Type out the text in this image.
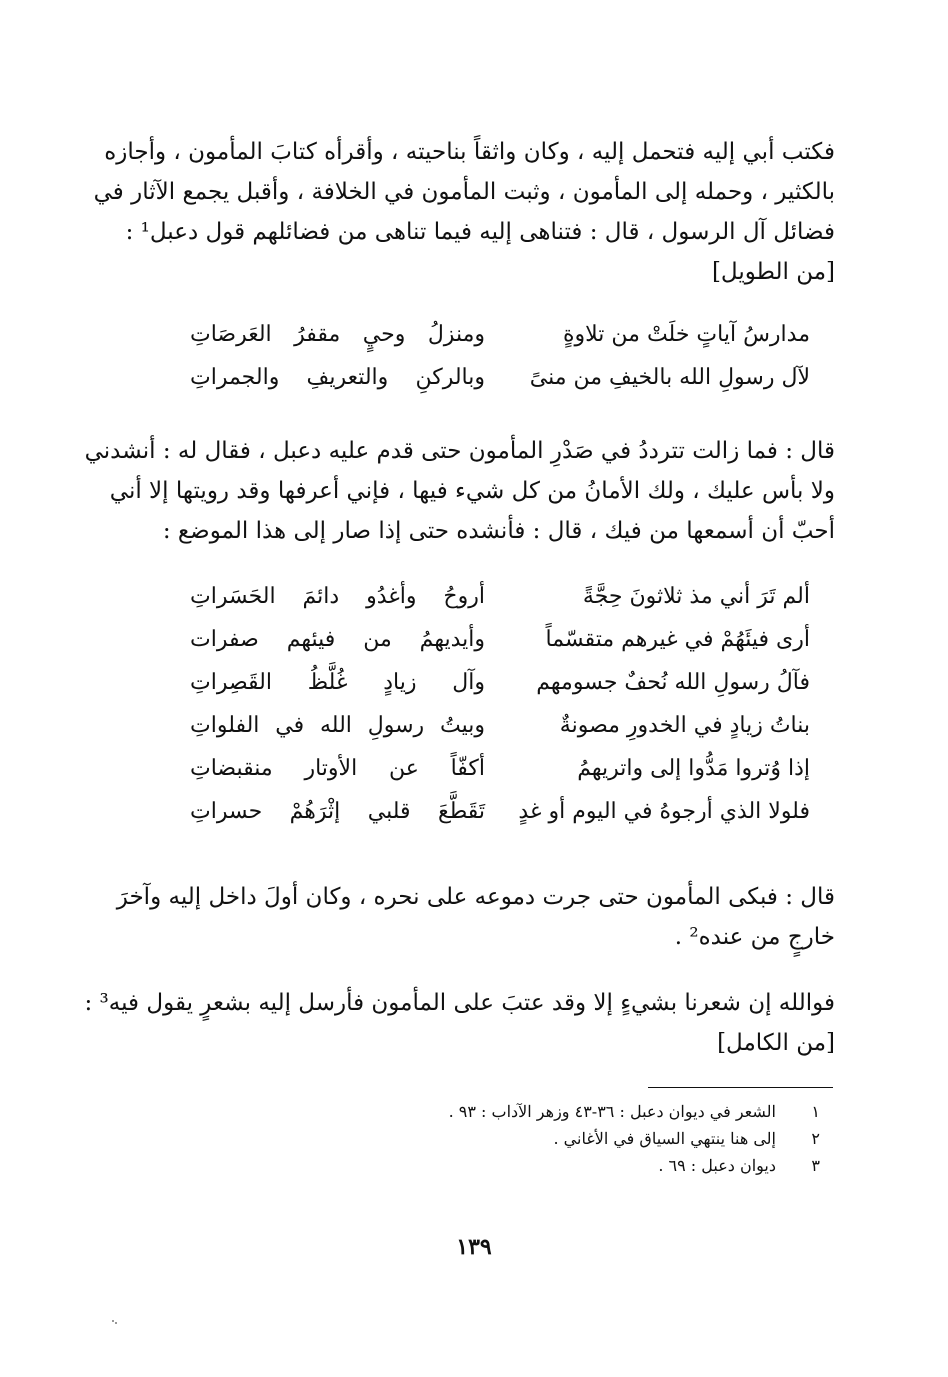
فكتب أبي إليه فتحمل إليه ، وكان واثقاً بناحيته ، وأقرأه كتابَ المأمون ، وأجازه
بالكثير ، وحمله إلى المأمون ، وثبت المأمون في الخلافة ، وأقبل يجمع الآثار في
فضائل آل الرسول ، قال : فتناهى إليه فيما تناهى من فضائلهم قول دعبل¹ :
[من الطويل]
مدارسُ آياتٍ خلَتْ من تلاوةٍ
ومنزلُ وحيٍ مقفرُ العَرصَاتِ
لآل رسولِ الله بالخيفِ من منىً
وبالركنِ والتعريفِ والجمراتِ
قال : فما زالت تترددُ في صَدْرِ المأمون حتى قدم عليه دعبل ، فقال له : أنشدني
ولا بأس عليك ، ولك الأمانُ من كل شيء فيها ، فإني أعرفها وقد رويتها إلا أني
أحبّ أن أسمعها من فيك ، قال : فأنشده حتى إذا صار إلى هذا الموضع :
ألم تَرَ أني مذ ثلاثونَ حِجَّةً
أروحُ وأغدُو دائمَ الحَسَراتِ
أرى فيئَهُمْ في غيرهم متقسّماً
وأيديهمُ من فيئهم صفرات
فآلُ رسولِ الله نُحفٌ جسومهم
وآل زيادٍ غُلَّظُ القَصِراتِ
بناتُ زيادٍ في الخدورِ مصونةٌ
وبيتُ رسولِ الله في الفلواتِ
إذا وُتروا مَدُّوا إلى واتريهمُ
أكفّاً عن الأوتار منقبضاتِ
فلولا الذي أرجوهُ في اليوم أو غدٍ
تَقَطَّعَ قلبي إثْرَهُمْ حسراتِ
قال : فبكى المأمون حتى جرت دموعه على نحره ، وكان أولَ داخل إليه وآخرَ
خارجٍ من عنده² .
فوالله إن شعرنا بشيءٍ إلا وقد عتبَ على المأمون فأرسل إليه بشعرٍ يقول فيه³ :
[من الكامل]
١
الشعر في ديوان دعبل : ٣٦-٤٣ وزهر الآداب : ٩٣ .
٢
إلى هنا ينتهي السياق في الأغاني .
٣
ديوان دعبل : ٦٩ .
١٣٩
